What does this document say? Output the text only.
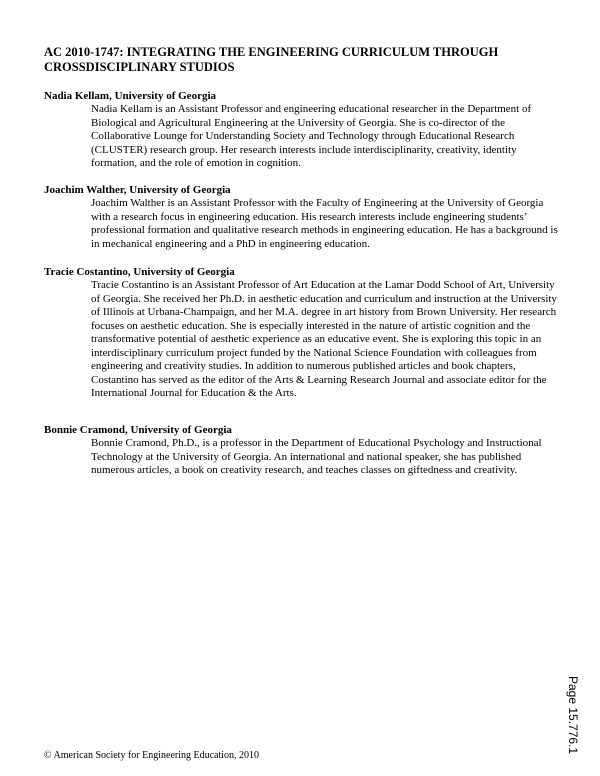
AC 2010-1747: INTEGRATING THE ENGINEERING CURRICULUM THROUGH CROSSDISCIPLINARY STUDIOS

Nadia Kellam, University of Georgia

Nadia Kellam is an Assistant Professor and engineering educational researcher in the Department of Biological and Agricultural Engineering at the University of Georgia. She is co-director of the Collaborative Lounge for Understanding Society and Technology through Educational Research (CLUSTER) research group. Her research interests include interdisciplinarity, creativity, identity formation, and the role of emotion in cognition.

Joachim Walther, University of Georgia

Joachim Walther is an Assistant Professor with the Faculty of Engineering at the University of Georgia with a research focus in engineering education. His research interests include engineering students’ professional formation and qualitative research methods in engineering education. He has a background is in mechanical engineering and a PhD in engineering education.

Tracie Costantino, University of Georgia

Tracie Costantino is an Assistant Professor of Art Education at the Lamar Dodd School of Art, University of Georgia. She received her Ph.D. in aesthetic education and curriculum and instruction at the University of Illinois at Urbana-Champaign, and her M.A. degree in art history from Brown University. Her research focuses on aesthetic education. She is especially interested in the nature of artistic cognition and the transformative potential of aesthetic experience as an educative event. She is exploring this topic in an interdisciplinary curriculum project funded by the National Science Foundation with colleagues from engineering and creativity studies. In addition to numerous published articles and book chapters, Costantino has served as the editor of the Arts & Learning Research Journal and associate editor for the International Journal for Education & the Arts.

Bonnie Cramond, University of Georgia

Bonnie Cramond, Ph.D., is a professor in the Department of Educational Psychology and Instructional Technology at the University of Georgia. An international and national speaker, she has published numerous articles, a book on creativity research, and teaches classes on giftedness and creativity.

Page 15.776.1
© American Society for Engineering Education, 2010
